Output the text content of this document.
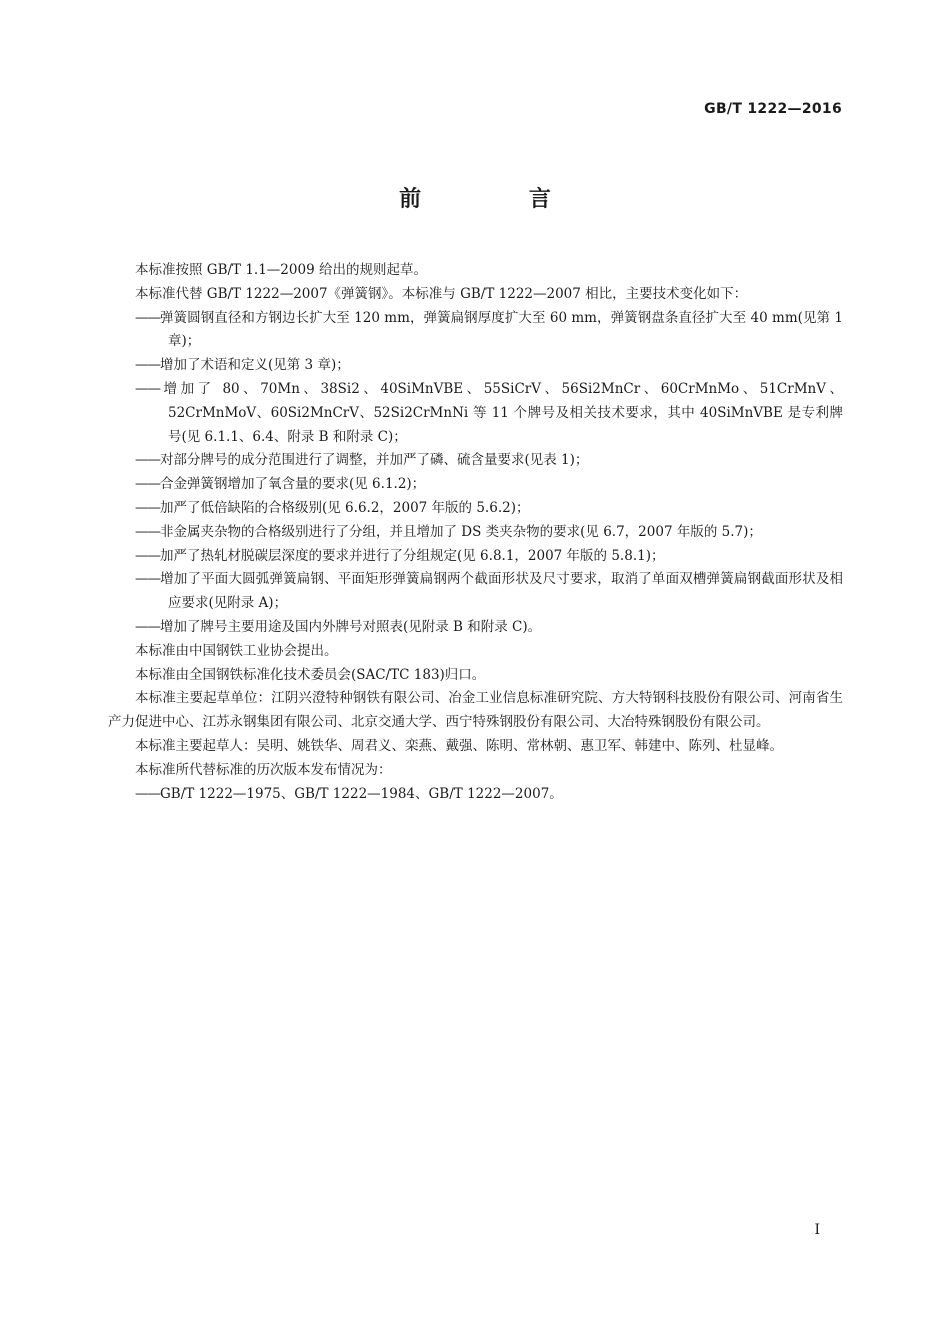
GB/T 1222—2016
前 言

本标准按照 GB/T 1.1—2009 给出的规则起草。

本标准代替 GB/T 1222—2007《弹簧钢》。本标准与 GB/T 1222—2007 相比，主要技术变化如下：

——弹簧圆钢直径和方钢边长扩大至 120 mm，弹簧扁钢厚度扩大至 60 mm，弹簧钢盘条直径扩大至 40 mm(见第 1 章)；

——增加了术语和定义(见第 3 章)；

——增加了 80、70Mn、38Si2、40SiMnVBE、55SiCrV、56Si2MnCr、60CrMnMo、51CrMnV、52CrMnMoV、60Si2MnCrV、52Si2CrMnNi 等 11 个牌号及相关技术要求，其中 40SiMnVBE 是专利牌号(见 6.1.1、6.4、附录 B 和附录 C)；

——对部分牌号的成分范围进行了调整，并加严了磷、硫含量要求(见表 1)；

——合金弹簧钢增加了氧含量的要求(见 6.1.2)；

——加严了低倍缺陷的合格级别(见 6.6.2，2007 年版的 5.6.2)；

——非金属夹杂物的合格级别进行了分组，并且增加了 DS 类夹杂物的要求(见 6.7，2007 年版的 5.7)；

——加严了热轧材脱碳层深度的要求并进行了分组规定(见 6.8.1，2007 年版的 5.8.1)；

——增加了平面大圆弧弹簧扁钢、平面矩形弹簧扁钢两个截面形状及尺寸要求，取消了单面双槽弹簧扁钢截面形状及相应要求(见附录 A)；

——增加了牌号主要用途及国内外牌号对照表(见附录 B 和附录 C)。

本标准由中国钢铁工业协会提出。

本标准由全国钢铁标准化技术委员会(SAC/TC 183)归口。

本标准主要起草单位：江阴兴澄特种钢铁有限公司、冶金工业信息标准研究院、方大特钢科技股份有限公司、河南省生产力促进中心、江苏永钢集团有限公司、北京交通大学、西宁特殊钢股份有限公司、大冶特殊钢股份有限公司。

本标准主要起草人：吴明、姚铁华、周君义、栾燕、戴强、陈明、常林朝、惠卫军、韩建中、陈列、杜显峰。

本标准所代替标准的历次版本发布情况为：

——GB/T 1222—1975、GB/T 1222—1984、GB/T 1222—2007。

I
